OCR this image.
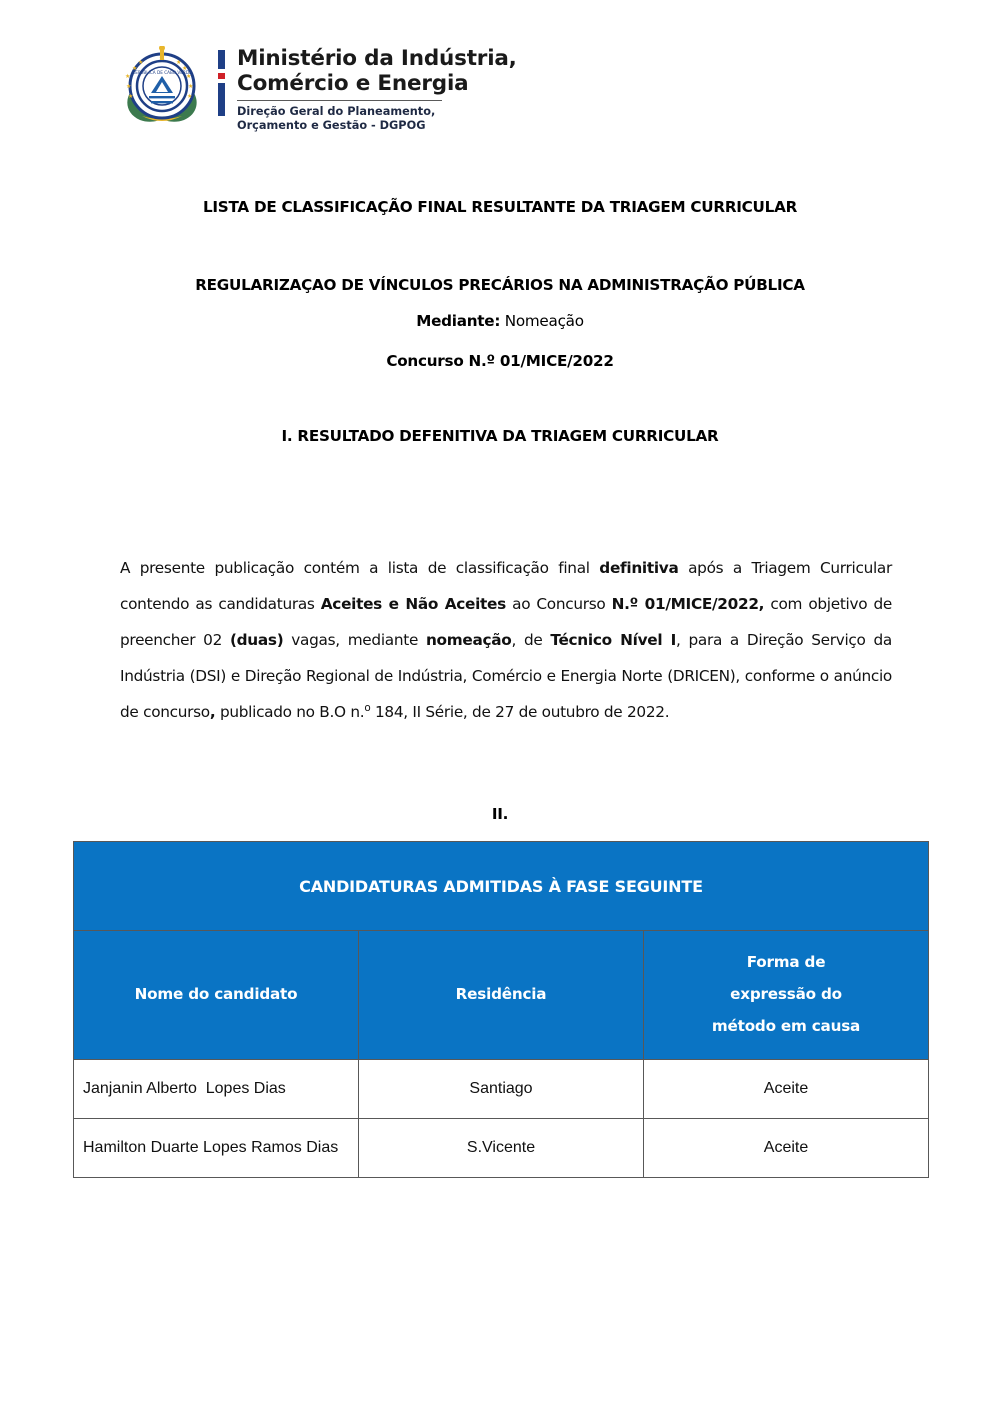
★
★
★
★
★
★
★
★
★
★
REPÚBLICA DE CABO VERDE
Ministério da Indústria,
Comércio e Energia
Direção Geral do Planeamento,
Orçamento e Gestão - DGPOG
LISTA DE CLASSIFICAÇÃO FINAL RESULTANTE DA TRIAGEM CURRICULAR
REGULARIZAÇAO DE VÍNCULOS PRECÁRIOS NA ADMINISTRAÇÃO PÚBLICA
Mediante: Nomeação
Concurso N.º 01/MICE/2022
I. RESULTADO DEFENITIVA DA TRIAGEM CURRICULAR

A presente publicação contém a lista de classificação final definitiva após a Triagem Curricular contendo as candidaturas Aceites e Não Aceites ao Concurso N.º 01/MICE/2022, com objetivo de preencher 02 (duas) vagas, mediante nomeação, de Técnico Nível I, para a Direção Serviço da Indústria (DSI) e Direção Regional de Indústria, Comércio e Energia Norte (DRICEN), conforme o anúncio de concurso, publicado no B.O n.$^o$ 184, II Série, de 27 de outubro de 2022.

II.
CANDIDATURAS ADMITIDAS À FASE SEGUINTE		
Nome do candidato	Residência	Forma de
expressão do
método em causa

Janjanin Alberto  Lopes Dias	Santiago	Aceite
Hamilton Duarte Lopes Ramos Dias	S.Vicente	Aceite
